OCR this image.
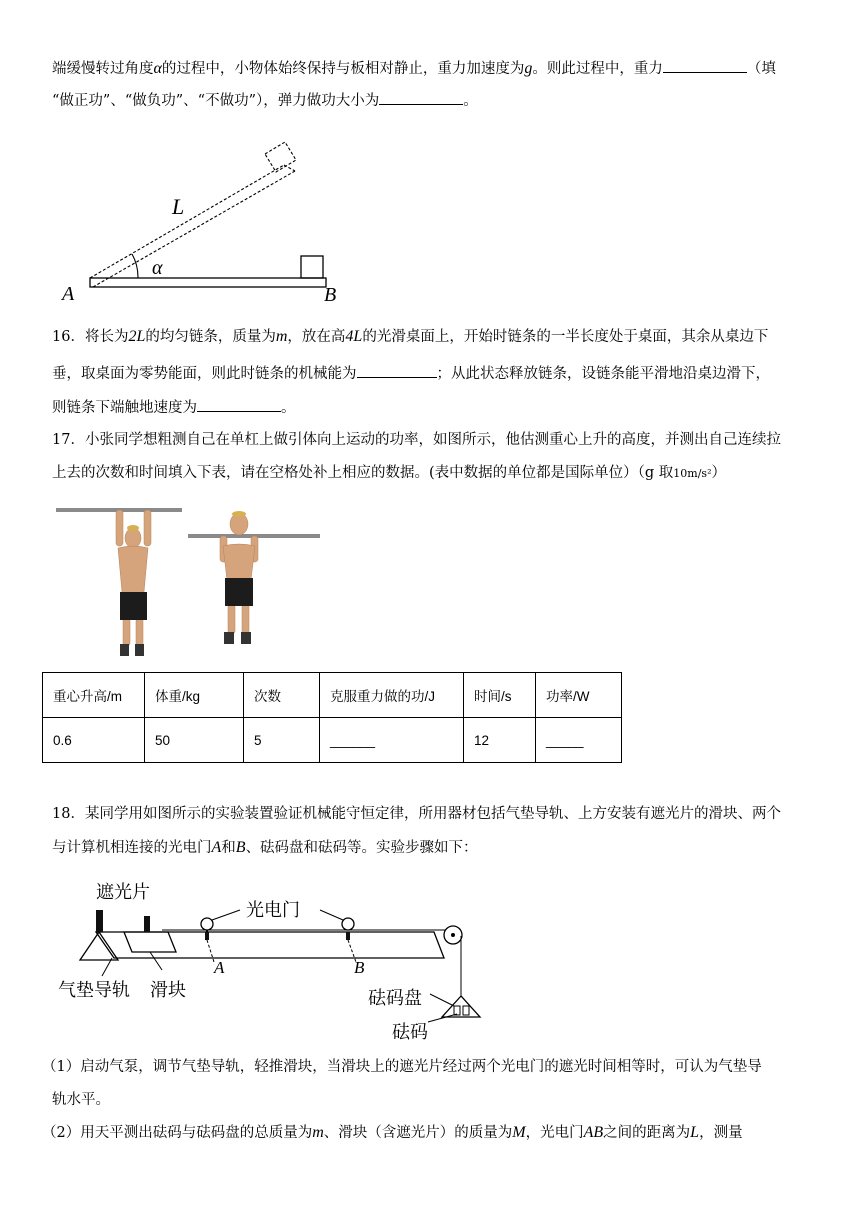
端缓慢转过角度α的过程中，小物体始终保持与板相对静止，重力加速度为g。则此过程中，重力	（填
“做正功”、“做负功”、“不做功”），弹力做功大小为	。
α
L
A	B
16．将长为2L的均匀链条，质量为m，放在高4L的光滑桌面上，开始时链条的一半长度处于桌面，其余从桌边下
垂，取桌面为零势能面，则此时链条的机械能为	；从此状态释放链条，设链条能平滑地沿桌边滑下，
则链条下端触地速度为	。
17．小张同学想粗测自己在单杠上做引体向上运动的功率，如图所示，他估测重心上升的高度，并测出自己连续拉
上去的次数和时间填入下表，请在空格处补上相应的数据。(表中数据的单位都是国际单位）（g 取10m/s²）
重心升高/m	体重/kg	次数	克服重力做的功/J	时间/s	功率/W
0.6	50	5	______	12	_____
18．某同学用如图所示的实验装置验证机械能守恒定律，所用器材包括气垫导轨、上方安装有遮光片的滑块、两个
与计算机相连接的光电门A和B、砝码盘和砝码等。实验步骤如下：
遮光片
光电门
A	B
气垫导轨 滑块	砝码盘
砝码
（1）启动气泵，调节气垫导轨，轻推滑块，当滑块上的遮光片经过两个光电门的遮光时间相等时，可认为气垫导
轨水平。
（2）用天平测出砝码与砝码盘的总质量为m、滑块（含遮光片）的质量为M，光电门AB之间的距离为L，测量
